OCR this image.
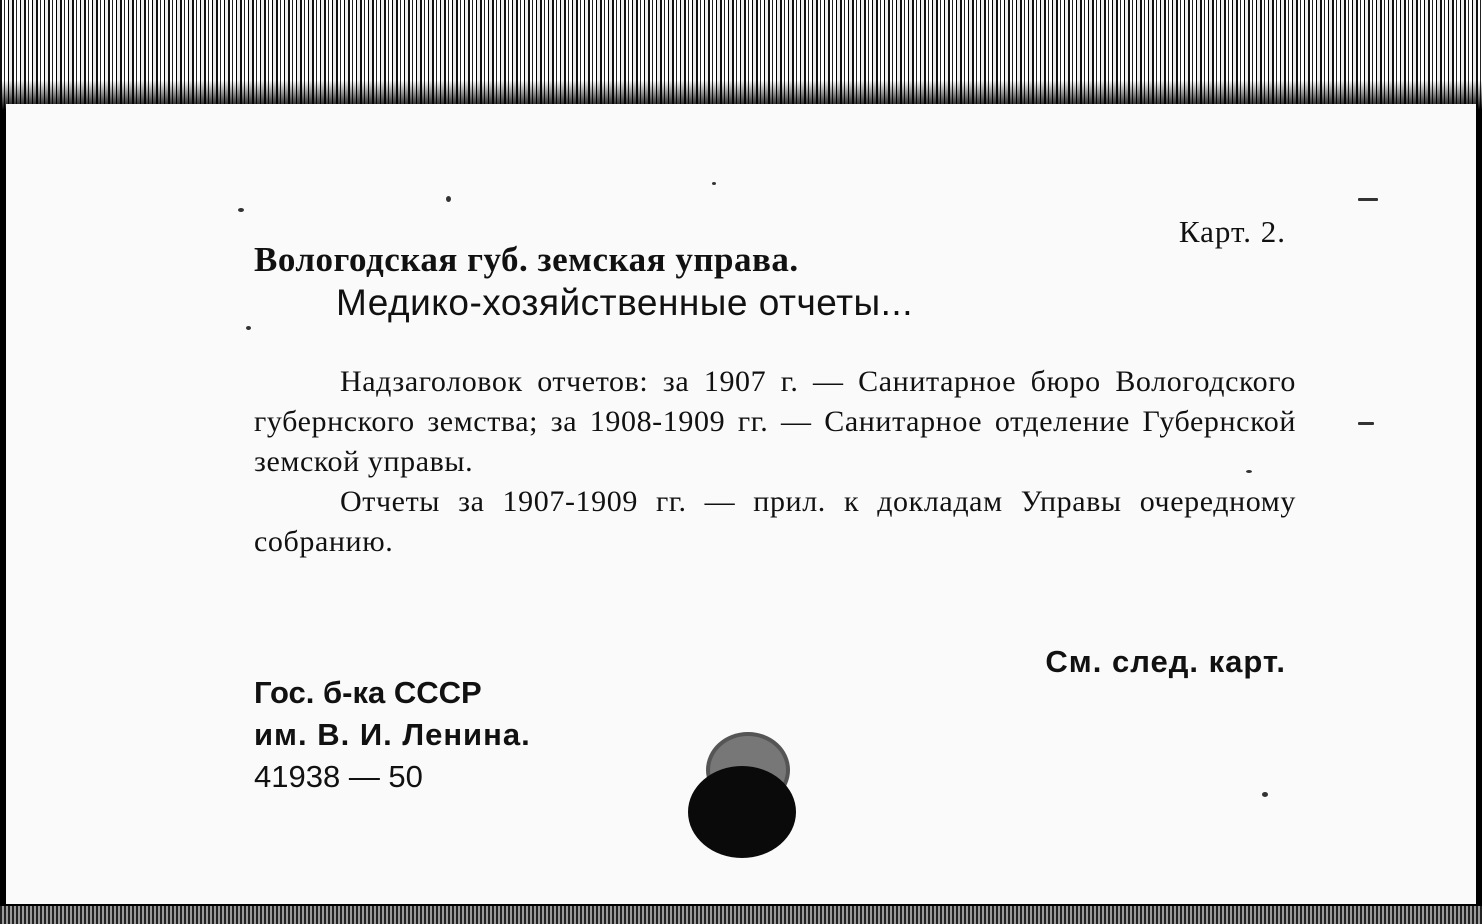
Карт. 2.
Вологодская губ. земская управа.
Медико-хозяйственные отчеты...

Надзаголовок отчетов: за 1907 г. — Санитарное бюро Вологодского губернского земства; за 1908-1909 гг. — Санитарное отделение Губернской земской управы.

Отчеты за 1907-1909 гг. — прил. к докладам Управы очередному собранию.

См. след. карт.
Гос. б-ка СССР
им. В. И. Ленина.
41938 — 50
